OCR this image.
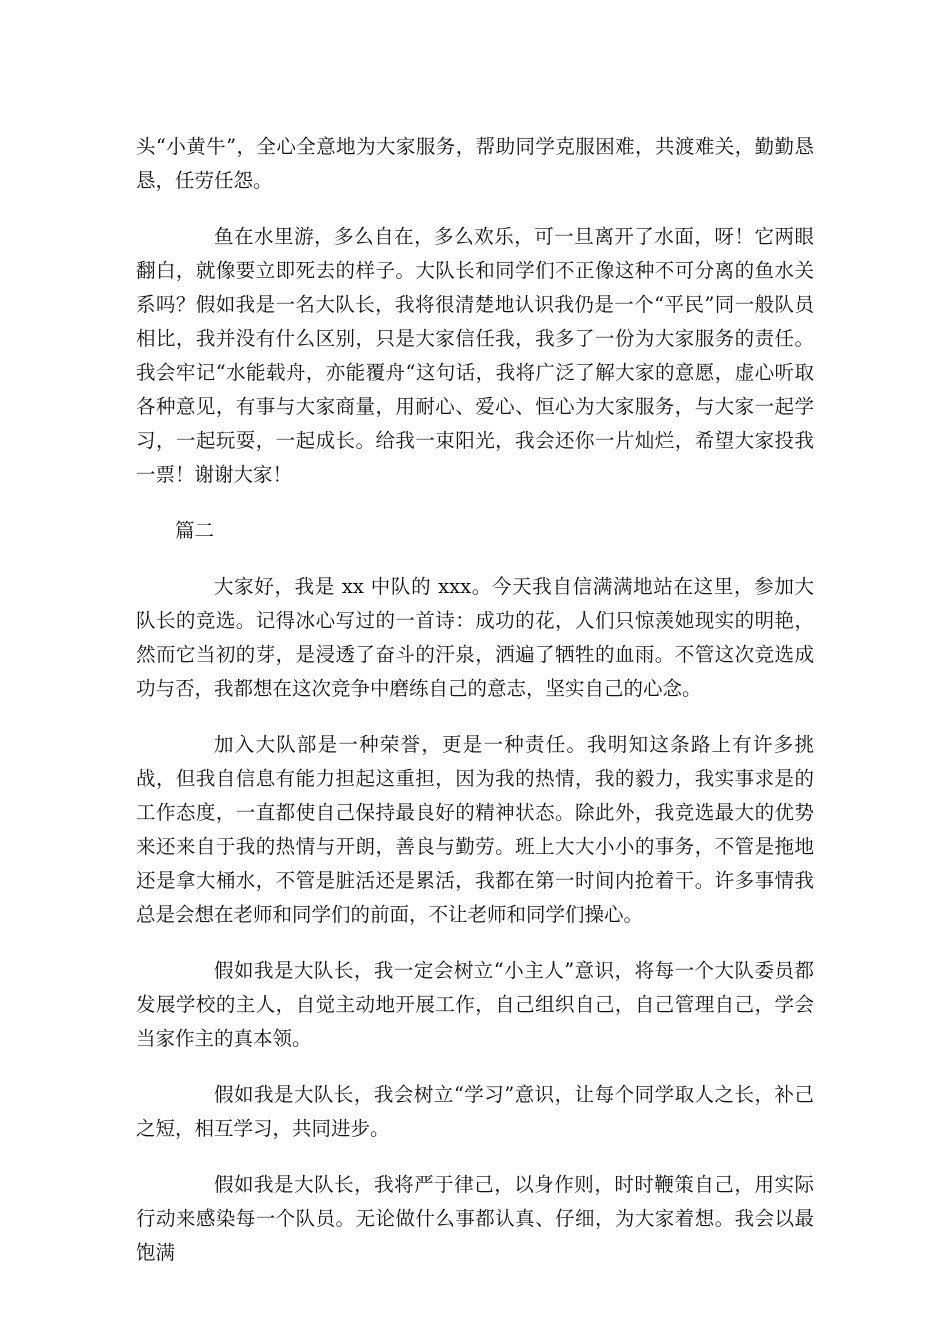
头“小黄牛”，全心全意地为大家服务，帮助同学克服困难，共渡难关，勤勤恳恳，任劳任怨。

鱼在水里游，多么自在，多么欢乐，可一旦离开了水面，呀！它两眼翻白，就像要立即死去的样子。大队长和同学们不正像这种不可分离的鱼水关系吗？假如我是一名大队长，我将很清楚地认识我仍是一个“平民”同一般队员相比，我并没有什么区别，只是大家信任我，我多了一份为大家服务的责任。我会牢记“水能载舟，亦能覆舟“这句话，我将广泛了解大家的意愿，虚心听取各种意见，有事与大家商量，用耐心、爱心、恒心为大家服务，与大家一起学习，一起玩耍，一起成长。给我一束阳光，我会还你一片灿烂，希望大家投我一票！谢谢大家！

篇二

大家好，我是 xx 中队的 xxx。今天我自信满满地站在这里，参加大队长的竞选。记得冰心写过的一首诗：成功的花，人们只惊羡她现实的明艳，然而它当初的芽，是浸透了奋斗的汗泉，洒遍了牺牲的血雨。不管这次竞选成功与否，我都想在这次竞争中磨练自己的意志，坚实自己的心念。

加入大队部是一种荣誉，更是一种责任。我明知这条路上有许多挑战，但我自信息有能力担起这重担，因为我的热情，我的毅力，我实事求是的工作态度，一直都使自己保持最良好的精神状态。除此外，我竞选最大的优势来还来自于我的热情与开朗，善良与勤劳。班上大大小小的事务，不管是拖地还是拿大桶水，不管是脏活还是累活，我都在第一时间内抢着干。许多事情我总是会想在老师和同学们的前面，不让老师和同学们操心。

假如我是大队长，我一定会树立“小主人”意识，将每一个大队委员都发展学校的主人，自觉主动地开展工作，自己组织自己，自己管理自己，学会当家作主的真本领。

假如我是大队长，我会树立“学习”意识，让每个同学取人之长，补己之短，相互学习，共同进步。

假如我是大队长，我将严于律己，以身作则，时时鞭策自己，用实际行动来感染每一个队员。无论做什么事都认真、仔细，为大家着想。我会以最饱满
